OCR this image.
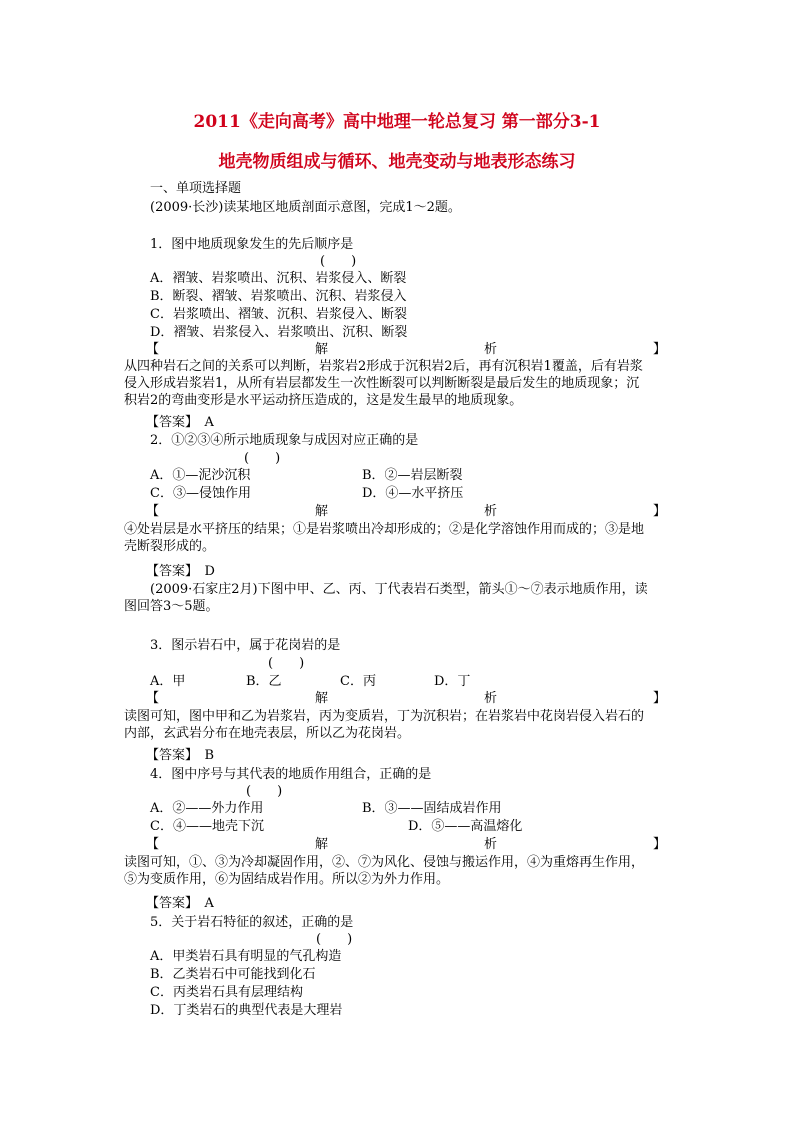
2011《走向高考》高中地理一轮总复习 第一部分3-1
地壳物质组成与循环、地壳变动与地表形态练习
一、单项选择题
(2009·长沙)读某地区地质剖面示意图，完成1～2题。
1．图中地质现象发生的先后顺序是
(　　)
A．褶皱、岩浆喷出、沉积、岩浆侵入、断裂
B．断裂、褶皱、岩浆喷出、沉积、岩浆侵入
C．岩浆喷出、褶皱、沉积、岩浆侵入、断裂
D．褶皱、岩浆侵入、岩浆喷出、沉积、断裂
【	解	析	】
从四种岩石之间的关系可以判断，岩浆岩2形成于沉积岩2后，再有沉积岩1覆盖，后有岩浆侵入形成岩浆岩1，从所有岩层都发生一次性断裂可以判断断裂是最后发生的地质现象；沉积岩2的弯曲变形是水平运动挤压造成的，这是发生最早的地质现象。
【答案】　A
2．①②③④所示地质现象与成因对应正确的是
(　　)
A．①—泥沙沉积	B．②—岩层断裂
C．③—侵蚀作用	D．④—水平挤压
【	解	析	】
④处岩层是水平挤压的结果；①是岩浆喷出冷却形成的；②是化学溶蚀作用而成的；③是地壳断裂形成的。
【答案】　D
(2009·石家庄2月)下图中甲、乙、丙、丁代表岩石类型，箭头①～⑦表示地质作用，读图回答3～5题。
3．图示岩石中，属于花岗岩的是
(　　)
A．甲	B．乙	C．丙	D．丁
【	解	析	】
读图可知，图中甲和乙为岩浆岩，丙为变质岩，丁为沉积岩；在岩浆岩中花岗岩侵入岩石的内部，玄武岩分布在地壳表层，所以乙为花岗岩。
【答案】　B
4．图中序号与其代表的地质作用组合，正确的是
(　　)
A．②——外力作用	B．③——固结成岩作用
C．④——地壳下沉	D．⑤——高温熔化
【	解	析	】
读图可知，①、③为冷却凝固作用，②、⑦为风化、侵蚀与搬运作用，④为重熔再生作用，⑤为变质作用，⑥为固结成岩作用。所以②为外力作用。
【答案】　A
5．关于岩石特征的叙述，正确的是
(　　)
A．甲类岩石具有明显的气孔构造
B．乙类岩石中可能找到化石
C．丙类岩石具有层理结构
D．丁类岩石的典型代表是大理岩
